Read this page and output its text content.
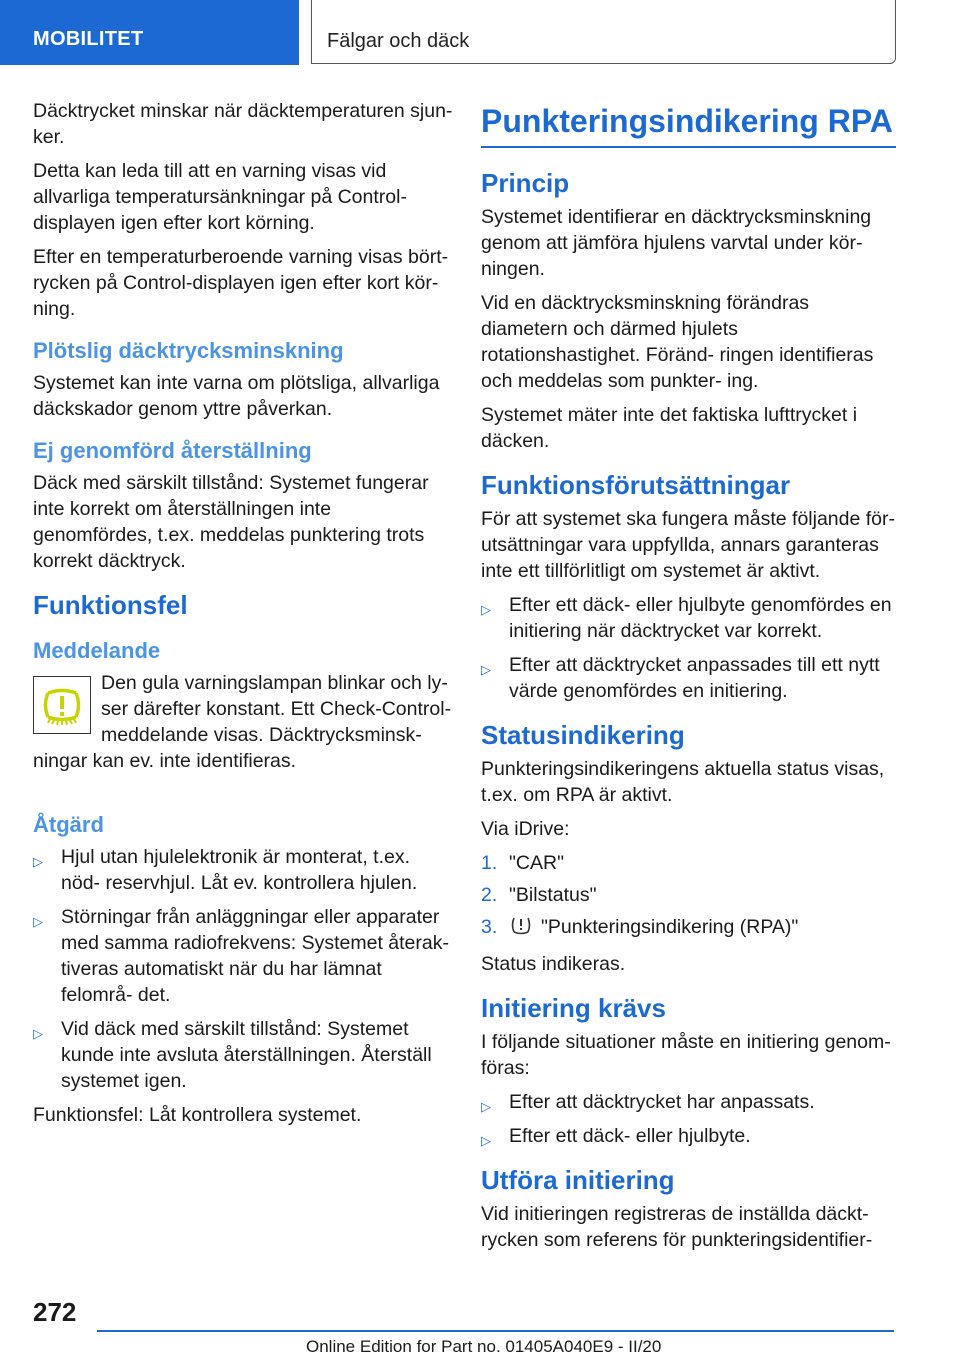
MOBILITET	Fälgar och däck

Däcktrycket minskar när däcktemperaturen sjun‐ ker.

Detta kan leda till att en varning visas vid allvarliga temperatursänkningar på Control-displayen igen efter kort körning.

Efter en temperaturberoende varning visas bört‐ rycken på Control-displayen igen efter kort kör‐ ning.

Plötslig däcktrycksminskning

Systemet kan inte varna om plötsliga, allvarliga däckskador genom yttre påverkan.

Ej genomförd återställning

Däck med särskilt tillstånd: Systemet fungerar inte korrekt om återställningen inte genomfördes, t.ex. meddelas punktering trots korrekt däcktryck.

Funktionsfel
Meddelande

Den gula varningslampan blinkar och ly‐ ser därefter konstant. Ett Check-Control- meddelande visas. Däcktrycksminsk‐ ningar kan ev. inte identifieras.

Åtgärd
▷ Hjul utan hjulelektronik är monterat, t.ex. nöd‐ reservhjul. Låt ev. kontrollera hjulen.
▷ Störningar från anläggningar eller apparater med samma radiofrekvens: Systemet återak‐ tiveras automatiskt när du har lämnat felområ‐ det.
▷ Vid däck med särskilt tillstånd: Systemet kunde inte avsluta återställningen. Återställ systemet igen.

Funktionsfel: Låt kontrollera systemet.

Punkteringsindikering RPA
Princip

Systemet identifierar en däcktrycksminskning genom att jämföra hjulens varvtal under kör‐ ningen.

Vid en däcktrycksminskning förändras diametern och därmed hjulets rotationshastighet. Föränd‐ ringen identifieras och meddelas som punkter‐ ing.

Systemet mäter inte det faktiska lufttrycket i däcken.

Funktionsförutsättningar

För att systemet ska fungera måste följande för‐ utsättningar vara uppfyllda, annars garanteras inte ett tillförlitligt om systemet är aktivt.

▷ Efter ett däck- eller hjulbyte genomfördes en initiering när däcktrycket var korrekt.
▷ Efter att däcktrycket anpassades till ett nytt värde genomfördes en initiering.
Statusindikering

Punkteringsindikeringens aktuella status visas, t.ex. om RPA är aktivt.

Via iDrive:

1. "CAR"
2. "Bilstatus"
3. "Punkteringsindikering (RPA)"

Status indikeras.

Initiering krävs

I följande situationer måste en initiering genom‐ föras:

▷ Efter att däcktrycket har anpassats.
▷ Efter ett däck- eller hjulbyte.
Utföra initiering

Vid initieringen registreras de inställda däckt‐ rycken som referens för punkteringsidentifier‐

272
Online Edition for Part no. 01405A040E9 - II/20
